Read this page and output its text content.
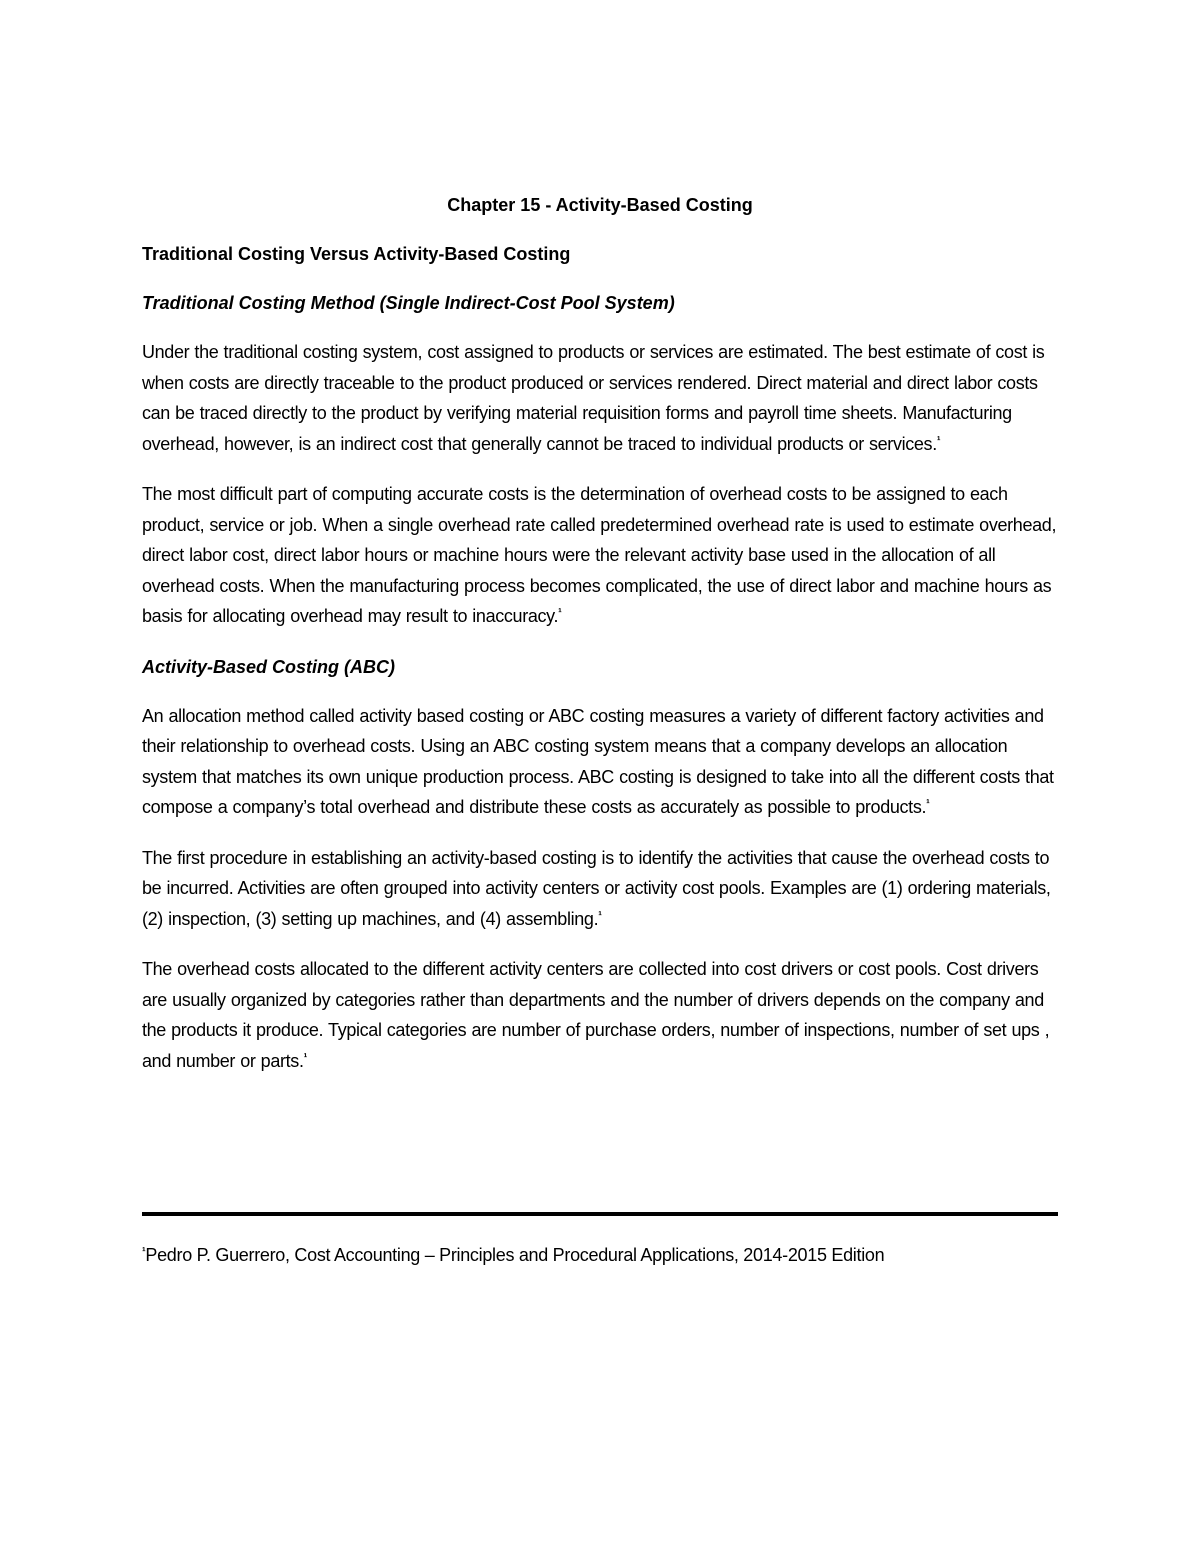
Chapter 15 - Activity-Based Costing
Traditional Costing Versus Activity-Based Costing
Traditional Costing Method (Single Indirect-Cost Pool System)

Under the traditional costing system, cost assigned to products or services are estimated. The best estimate of cost is when costs are directly traceable to the product produced or services rendered. Direct material and direct labor costs can be traced directly to the product by verifying material requisition forms and payroll time sheets. Manufacturing overhead, however, is an indirect cost that generally cannot be traced to individual products or services.$^{^1}$

The most difficult part of computing accurate costs is the determination of overhead costs to be assigned to each product, service or job. When a single overhead rate called predetermined overhead rate is used to estimate overhead, direct labor cost, direct labor hours or machine hours were the relevant activity base used in the allocation of all overhead costs. When the manufacturing process becomes complicated, the use of direct labor and machine hours as basis for allocating overhead may result to inaccuracy.$^{^1}$

Activity-Based Costing (ABC)

An allocation method called activity based costing or ABC costing measures a variety of different factory activities and their relationship to overhead costs. Using an ABC costing system means that a company develops an allocation system that matches its own unique production process. ABC costing is designed to take into all the different costs that compose a company’s total overhead and distribute these costs as accurately as possible to products.$^{^1}$

The first procedure in establishing an activity-based costing is to identify the activities that cause the overhead costs to be incurred. Activities are often grouped into activity centers or activity cost pools. Examples are (1) ordering materials, (2) inspection, (3) setting up machines, and (4) assembling.$^{^1}$

The overhead costs allocated to the different activity centers are collected into cost drivers or cost pools. Cost drivers are usually organized by categories rather than departments and the number of drivers depends on the company and the products it produce. Typical categories are number of purchase orders, number of inspections, number of set ups , and number or parts.$^{^1}$

$^{^1}$Pedro P. Guerrero, Cost Accounting – Principles and Procedural Applications, 2014-2015 Edition
